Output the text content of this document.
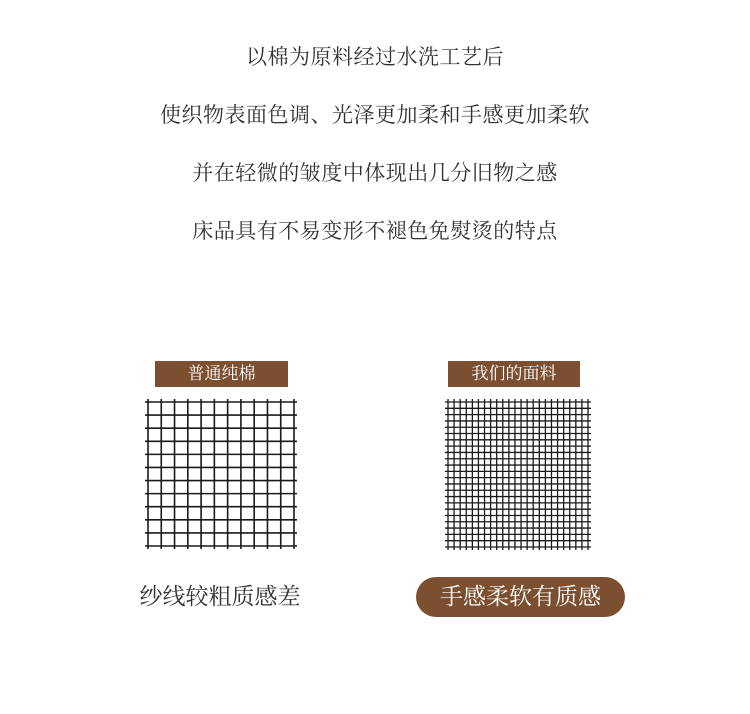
以棉为原料经过水洗工艺后
使织物表面色调、光泽更加柔和手感更加柔软
并在轻微的皱度中体现出几分旧物之感
床品具有不易变形不褪色免熨烫的特点
普通纯棉
纱线较粗质感差
我们的面料
手感柔软有质感
